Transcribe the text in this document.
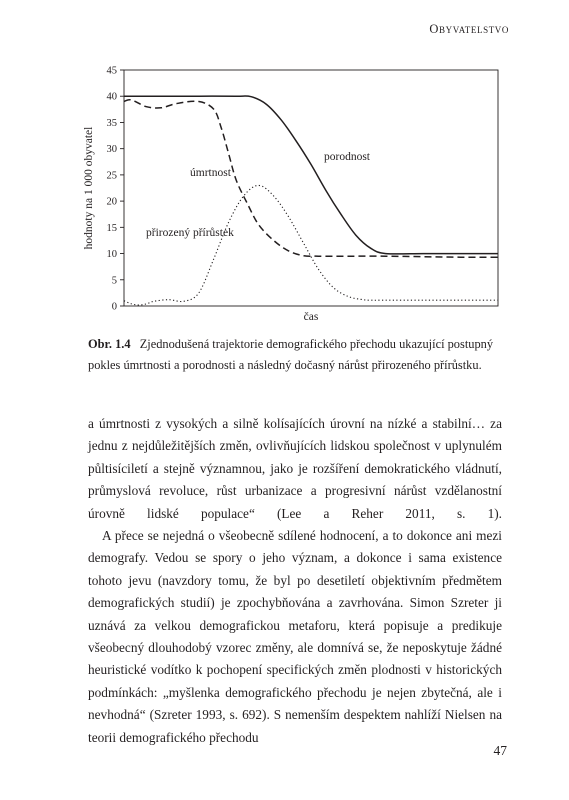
Obyvatelstvo
0
5
10
15
20
25
30
35
40
45
hodnoty na 1 000 obyvatel
čas
porodnost
úmrtnost
přirozený přírůstek
Obr. 1.4 Zjednodušená trajektorie demografického přechodu ukazující postupný pokles úmrtnosti a porodnosti a následný dočasný nárůst přirozeného přírůstku.

a úmrtnosti z vysokých a silně kolísajících úrovní na nízké a stabilní… za jednu z nejdůležitějších změn, ovlivňujících lidskou společnost v uplynulém půltisíciletí a stejně významnou, jako je rozšíření demokratického vládnutí, průmyslová revoluce, růst urbanizace a progresivní nárůst vzdělanostní úrovně lidské populace“ (Lee a Reher 2011, s. 1).

A přece se nejedná o všeobecně sdílené hodnocení, a to dokonce ani mezi demografy. Vedou se spory o jeho význam, a dokonce i sama existence tohoto jevu (navzdory tomu, že byl po desetiletí objektivním předmětem demografických studií) je zpochybňována a zavrhována. Simon Szreter ji uznává za velkou demografickou metaforu, která popisuje a predikuje všeobecný dlouhodobý vzorec změny, ale domnívá se, že neposkytuje žádné heuristické vodítko k pochopení specifických změn plodnosti v historických podmínkách: „myšlenka demografického přechodu je nejen zbytečná, ale i nevhodná“ (Szreter 1993, s. 692). S nemenším despektem nahlíží Nielsen na teorii demografického přechodu

47
